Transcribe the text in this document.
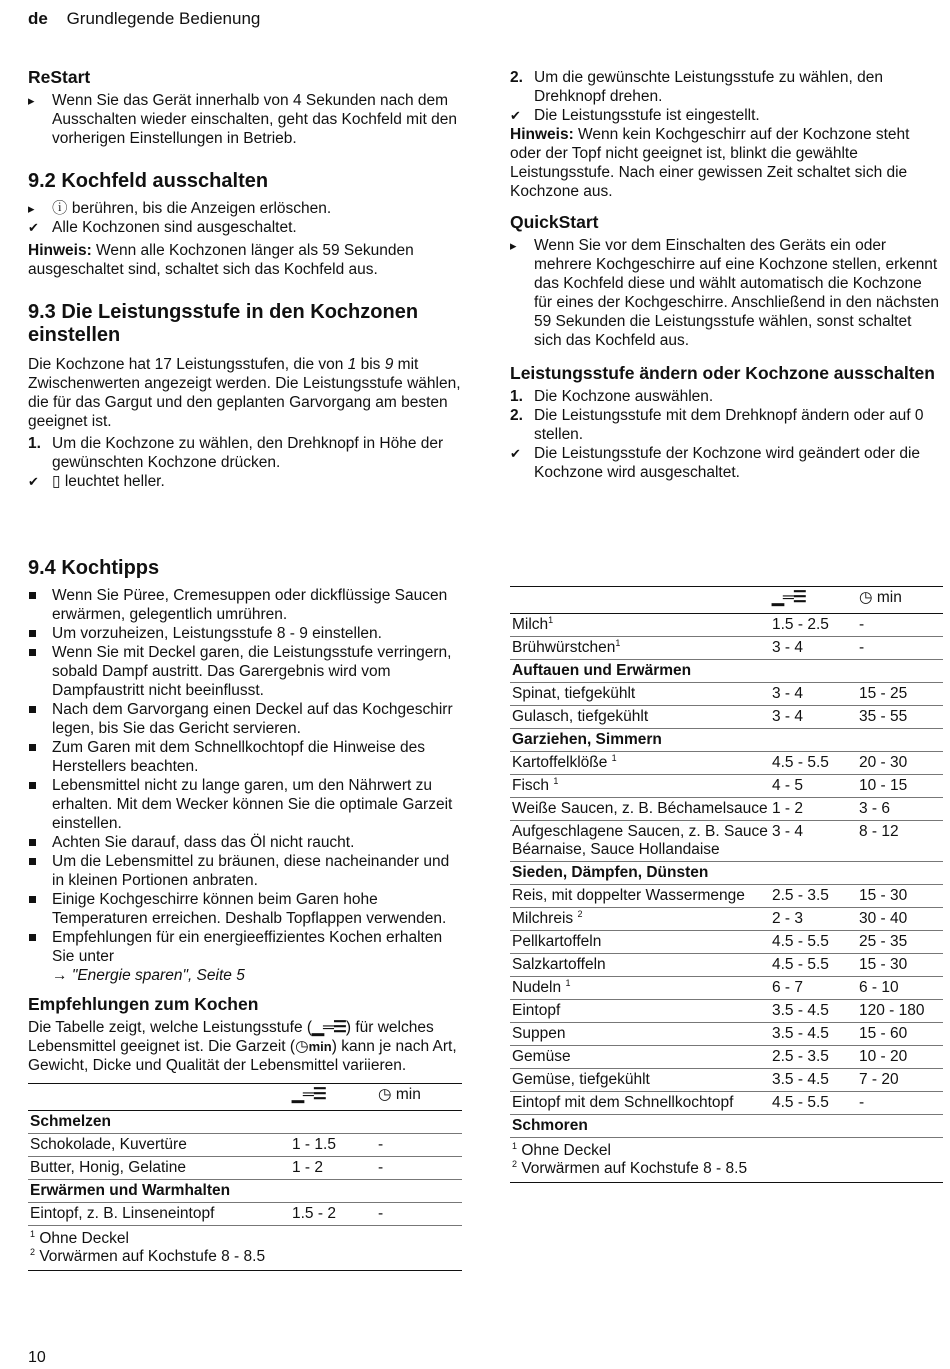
de Grundlegende Bedienung
ReStart
▸	Wenn Sie das Gerät innerhalb von 4 Sekunden nach dem Ausschalten wieder einschalten, geht das Kochfeld mit den vorherigen Einstellungen in Betrieb.
9.2 Kochfeld ausschalten
▸	ⓘ berühren, bis die Anzeigen erlöschen.
✔ Alle Kochzonen sind ausgeschaltet.

Hinweis: Wenn alle Kochzonen länger als 59 Sekunden ausgeschaltet sind, schaltet sich das Kochfeld aus.

9.3 Die Leistungsstufe in den Kochzonen einstellen

Die Kochzone hat 17 Leistungsstufen, die von 1 bis 9 mit Zwischenwerten angezeigt werden. Die Leistungsstufe wählen, die für das Gargut und den geplanten Garvorgang am besten geeignet ist.

1. Um die Kochzone zu wählen, den Drehknopf in Höhe der gewünschten Kochzone drücken.
✔ ▯ leuchtet heller.
2. Um die gewünschte Leistungsstufe zu wählen, den Drehknopf drehen.
✔ Die Leistungsstufe ist eingestellt.

Hinweis: Wenn kein Kochgeschirr auf der Kochzone steht oder der Topf nicht geeignet ist, blinkt die gewählte Leistungsstufe. Nach einer gewissen Zeit schaltet sich die Kochzone aus.

QuickStart
▸	Wenn Sie vor dem Einschalten des Geräts ein oder mehrere Kochgeschirre auf eine Kochzone stellen, erkennt das Kochfeld diese und wählt automatisch die Kochzone für eines der Kochgeschirre. Anschließend in den nächsten 59 Sekunden die Leistungsstufe wählen, sonst schaltet sich das Kochfeld aus.
Leistungsstufe ändern oder Kochzone ausschalten
1. Die Kochzone auswählen.
2. Die Leistungsstufe mit dem Drehknopf ändern oder auf 0 stellen.
✔ Die Leistungsstufe der Kochzone wird geändert oder die Kochzone wird ausgeschaltet.
9.4 Kochtipps
Wenn Sie Püree, Cremesuppen oder dickflüssige Saucen erwärmen, gelegentlich umrühren.
Um vorzuheizen, Leistungsstufe 8 - 9 einstellen.
Wenn Sie mit Deckel garen, die Leistungsstufe verringern, sobald Dampf austritt. Das Garergebnis wird vom Dampfaustritt nicht beeinflusst.
Nach dem Garvorgang einen Deckel auf das Kochgeschirr legen, bis Sie das Gericht servieren.
Zum Garen mit dem Schnellkochtopf die Hinweise des Herstellers beachten.
Lebensmittel nicht zu lange garen, um den Nährwert zu erhalten. Mit dem Wecker können Sie die optimale Garzeit einstellen.
Achten Sie darauf, dass das Öl nicht raucht.
Um die Lebensmittel zu bräunen, diese nacheinander und in kleinen Portionen anbraten.
Einige Kochgeschirre können beim Garen hohe Temperaturen erreichen. Deshalb Topflappen verwenden.
Empfehlungen für ein energieeffizientes Kochen erhalten Sie unter
→ "Energie sparen", Seite 5
Empfehlungen zum Kochen

Die Tabelle zeigt, welche Leistungsstufe (▁═☰) für welches Lebensmittel geeignet ist. Die Garzeit (◷min) kann je nach Art, Gewicht, Dicke und Qualität der Lebensmittel variieren.

	▁═☰	◷ min
Schmelzen		
Schokolade, Kuvertüre	1 - 1.5	-
Butter, Honig, Gelatine	1 - 2	-
Erwärmen und Warmhalten		
Eintopf, z. B. Linseneintopf	1.5 - 2	-
$^1$ Ohne Deckel
$^2$ Vorwärmen auf Kochstufe 8 - 8.5
	▁═☰	◷ min
Milch$^1$	1.5 - 2.5	-
Brühwürstchen$^1$	3 - 4	-
Auftauen und Erwärmen		
Spinat, tiefgekühlt	3 - 4	15 - 25
Gulasch, tiefgekühlt	3 - 4	35 - 55
Garziehen, Simmern		
Kartoffelklöße $^1$	4.5 - 5.5	20 - 30
Fisch $^1$	4 - 5	10 - 15
Weiße Saucen, z. B. Béchamelsauce	1 - 2	3 - 6
Aufgeschlagene Saucen, z. B. Sauce Béarnaise, Sauce Hollandaise	3 - 4	8 - 12
Sieden, Dämpfen, Dünsten		
Reis, mit doppelter Wassermenge	2.5 - 3.5	15 - 30
Milchreis $^2$	2 - 3	30 - 40
Pellkartoffeln	4.5 - 5.5	25 - 35
Salzkartoffeln	4.5 - 5.5	15 - 30
Nudeln $^1$	6 - 7	6 - 10
Eintopf	3.5 - 4.5	120 - 180
Suppen	3.5 - 4.5	15 - 60
Gemüse	2.5 - 3.5	10 - 20
Gemüse, tiefgekühlt	3.5 - 4.5	7 - 20
Eintopf mit dem Schnellkochtopf	4.5 - 5.5	-
Schmoren		
$^1$ Ohne Deckel
$^2$ Vorwärmen auf Kochstufe 8 - 8.5
10
